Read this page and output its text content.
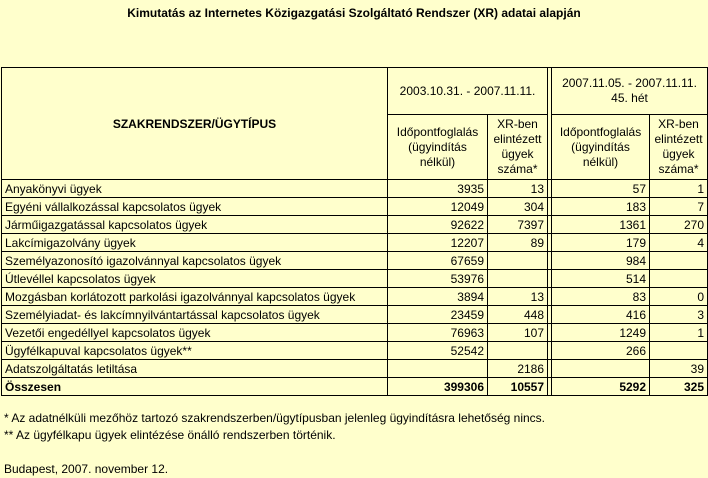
Kimutatás az Internetes Közigazgatási Szolgáltató Rendszer (XR) adatai alapján
SZAKRENDSZER/ÜGYTÍPUS	2003.10.31. - 2007.11.11.			2007.11.05. - 2007.11.11.
45. hét	
	Időpontfoglalás (ügyindítás nélkül)	XR-ben elintézett ügyek száma*		Időpontfoglalás (ügyindítás nélkül)	XR-ben elintézett ügyek száma*
Anyakönyvi ügyek	3935	13		57	1
Egyéni vállalkozással kapcsolatos ügyek	12049	304		183	7
Járműigazgatással kapcsolatos ügyek	92622	7397		1361	270
Lakcímigazolvány ügyek	12207	89		179	4
Személyazonosító igazolvánnyal kapcsolatos ügyek	67659			984	
Útlevéllel kapcsolatos ügyek	53976			514	
Mozgásban korlátozott parkolási igazolvánnyal kapcsolatos ügyek	3894	13		83	0
Személyiadat- és lakcímnyilvántartással kapcsolatos ügyek	23459	448		416	3
Vezetői engedéllyel kapcsolatos ügyek	76963	107		1249	1
Ügyfélkapuval kapcsolatos ügyek**	52542			266	
Adatszolgáltatás letiltása		2186			39
Összesen	399306	10557		5292	325

* Az adatnélküli mezőhöz tartozó szakrendszerben/ügytípusban jelenleg ügyindításra lehetőség nincs.

** Az ügyfélkapu ügyek elintézése önálló rendszerben történik.

Budapest, 2007. november 12.
